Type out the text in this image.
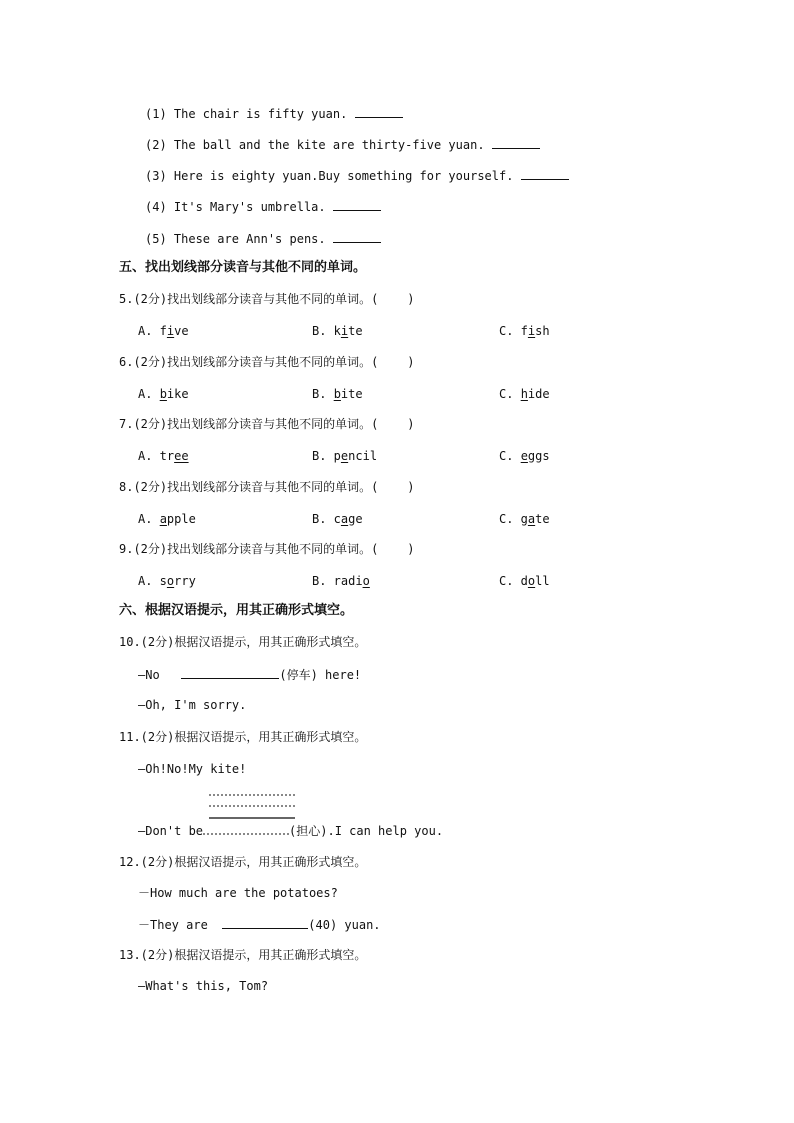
(1) The chair is fifty yuan.
(2) The ball and the kite are thirty-five yuan.
(3) Here is eighty yuan.Buy something for yourself.
(4) It's Mary's umbrella.
(5) These are Ann's pens.
五、找出划线部分读音与其他不同的单词。
六、根据汉语提示，用其正确形式填空。
10.(2分)根据汉语提示，用其正确形式填空。
—No	(停车) here!
—Oh, I'm sorry.
11.(2分)根据汉语提示，用其正确形式填空。
—Oh!No!My kite!
—Don't be	(担心).I can help you.
12.(2分)根据汉语提示，用其正确形式填空。
－How much are the potatoes?
－They are	(40) yuan.
13.(2分)根据汉语提示，用其正确形式填空。
—What's this, Tom?
5.(2分)找出划线部分读音与其他不同的单词。(    )
A. five	B. kite	C. fish
6.(2分)找出划线部分读音与其他不同的单词。(    )
A. bike	B. bite	C. hide
7.(2分)找出划线部分读音与其他不同的单词。(    )
A. tree	B. pencil	C. eggs
8.(2分)找出划线部分读音与其他不同的单词。(    )
A. apple	B. cage	C. gate
9.(2分)找出划线部分读音与其他不同的单词。(    )
A. sorry	B. radio	C. doll
